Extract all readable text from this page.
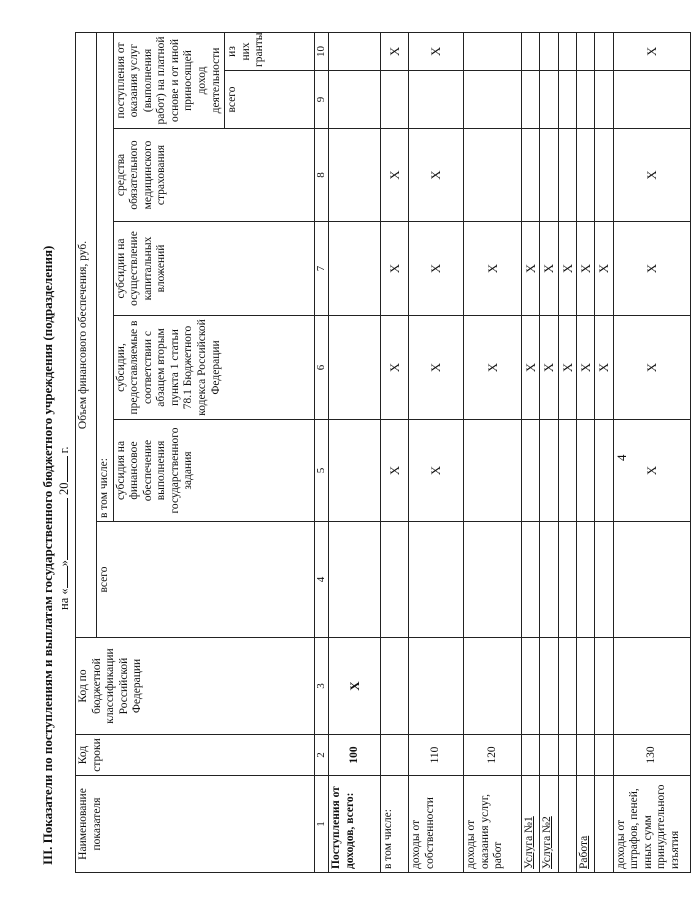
4
III. Показатели по поступлениям и выплатам государственного бюджетного учреждения (подразделения) на «» 20 г.
Наименование показателя	Код строки	Код по бюджетной классификации Российской Федерации	Объем финансового обеспечения, руб.						
			всего	в том числе:					
				субсидия на финансовое обеспечение выполнения государственного задания	субсидии, предоставляемые в соответствии с абзацем вторым пункта 1 статьи 78.1 Бюджетного кодекса Российской Федерации	субсидии на осуществление капитальных вложений	средства обязательного медицинского страхования	поступления от оказания услуг (выполнения работ) на платной основе и от иной приносящей доход деятельности	
								всего	из них гранты
1	2	3	4	5	6	7	8	9	10
Поступления от доходов, всего:	100	Х							
в том числе:				Х	Х	Х	Х		Х
доходы от собственности	110			Х	Х	Х	Х		Х
доходы от оказания услуг, работ	120				Х	Х			
Услуга №1					Х	Х			
Услуга №2					Х	Х			
					Х	Х			
Работа					Х	Х			
					Х	Х			
доходы от штрафов, пеней, иных сумм принудительного изъятия	130			Х	Х	Х	Х		Х
